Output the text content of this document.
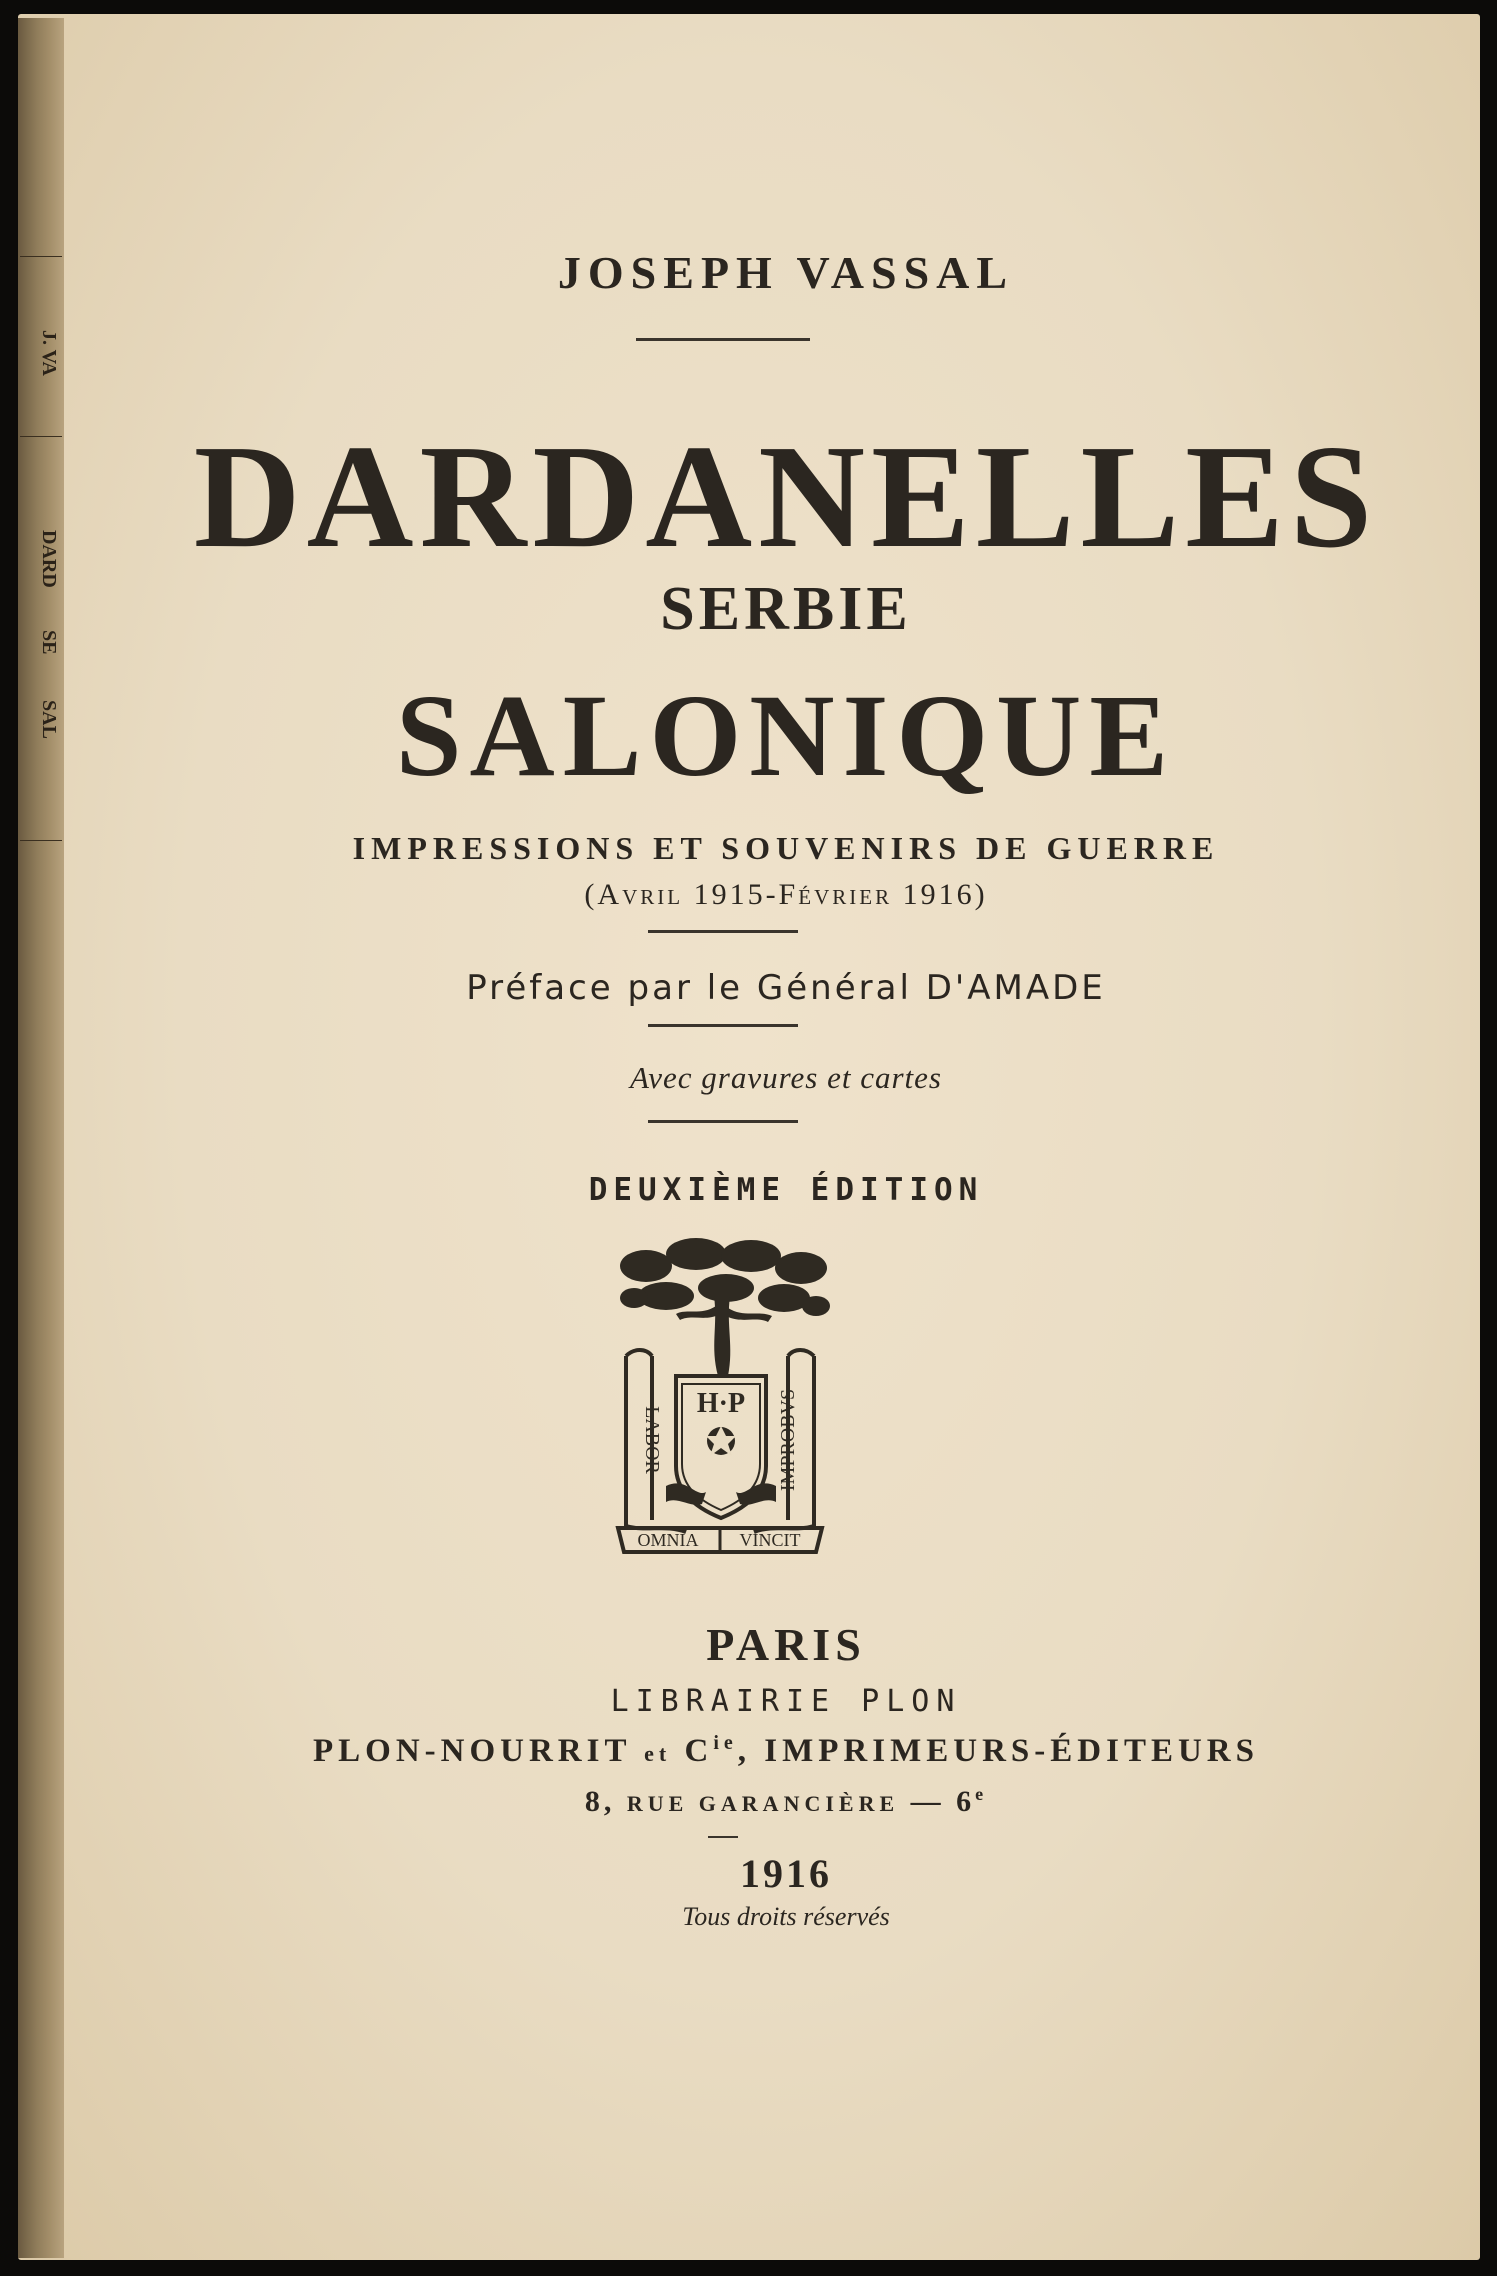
J. VA
DARD
SE
SAL
JOSEPH VASSAL
DARDANELLES
SERBIE
SALONIQUE
IMPRESSIONS ET SOUVENIRS DE GUERRE
(Avril 1915-Février 1916)
Préface par le Général D'AMADE
Avec gravures et cartes
DEUXIÈME ÉDITION
H·P
LABOR	IMPROBVS
OMNIA VINCIT
PARIS
LIBRAIRIE PLON
PLON-NOURRIT et $C^{ie}$, IMPRIMEURS-ÉDITEURS
8, RUE GARANCIÈRE — 6e
1916
Tous droits réservés
